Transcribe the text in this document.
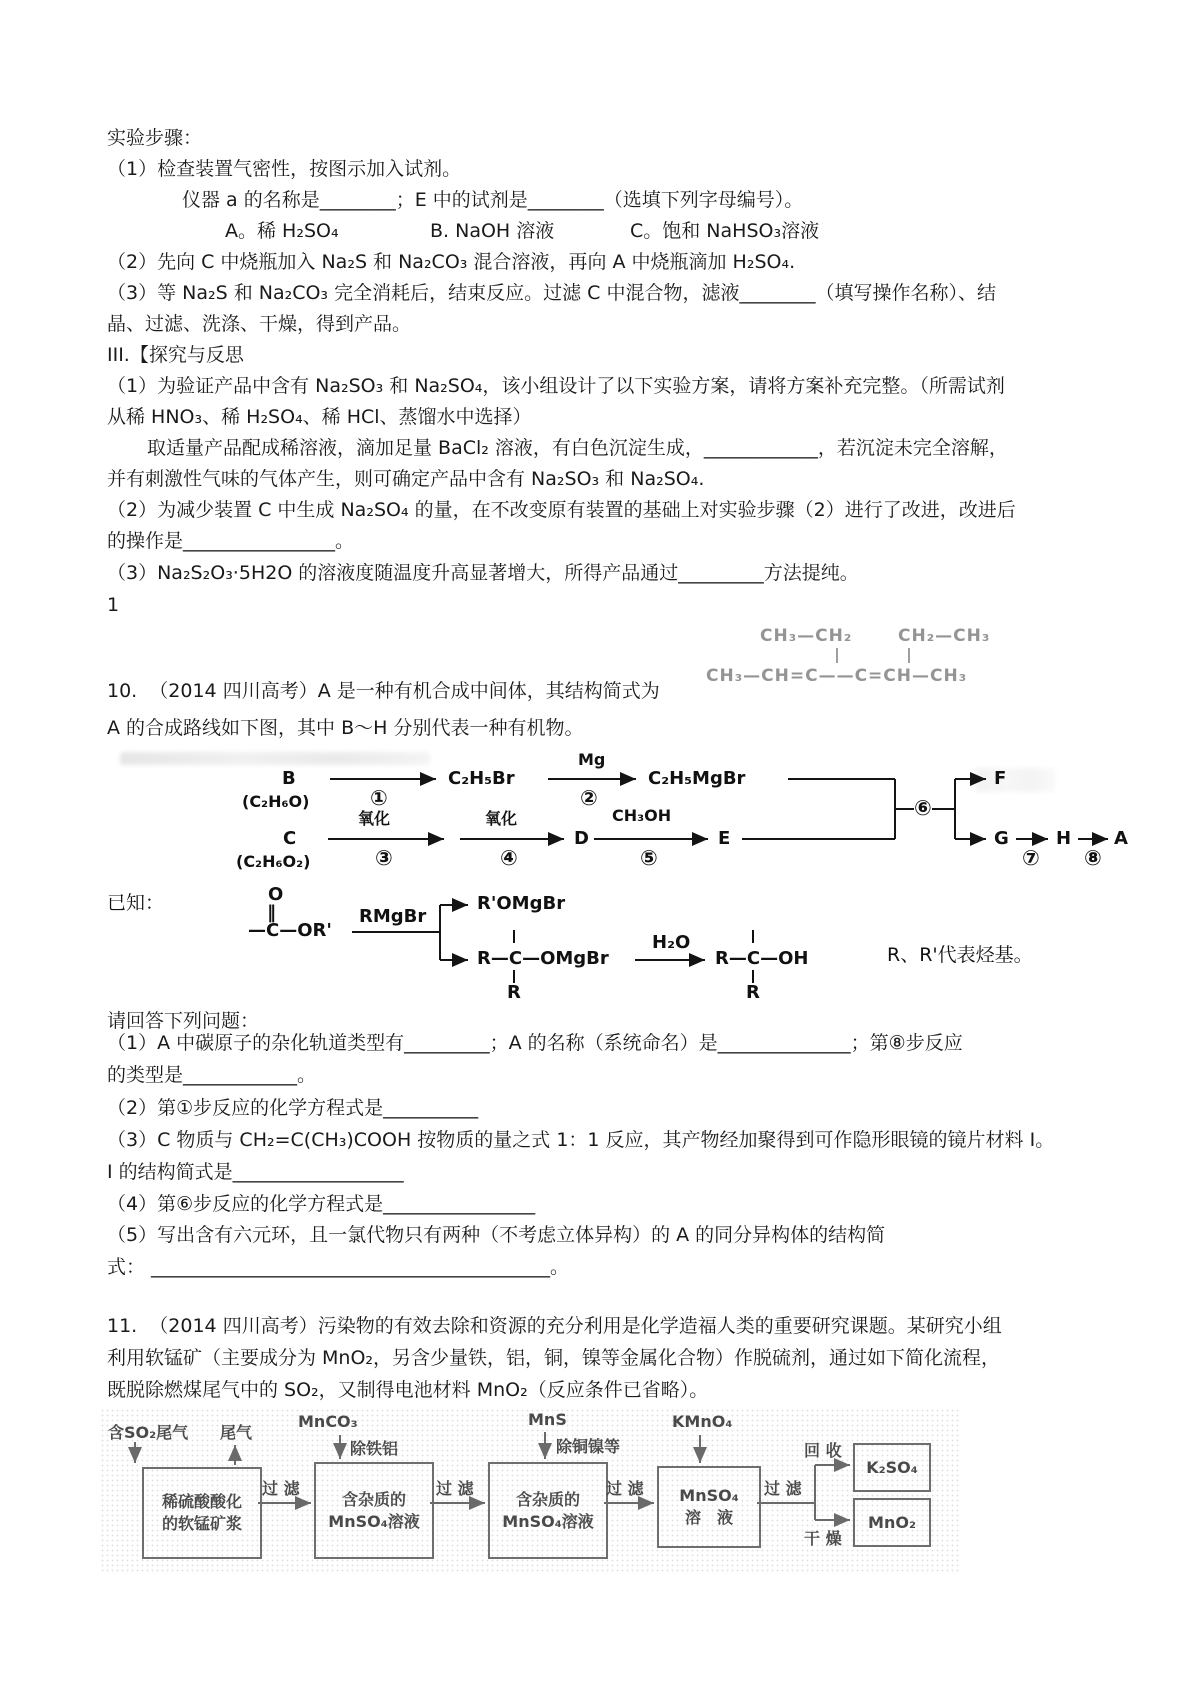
实验步骤：
（1）检查装置气密性，按图示加入试剂。
仪器 a 的名称是________；E 中的试剂是________（选填下列字母编号）。
A。稀 H₂SO₄	B. NaOH 溶液	C。饱和 NaHSO₃溶液
（2）先向 C 中烧瓶加入 Na₂S 和 Na₂CO₃ 混合溶液，再向 A 中烧瓶滴加 H₂SO₄.
（3）等 Na₂S 和 Na₂CO₃ 完全消耗后，结束反应。过滤 C 中混合物，滤液________（填写操作名称）、结
晶、过滤、洗涤、干燥，得到产品。
III.【探究与反思
（1）为验证产品中含有 Na₂SO₃ 和 Na₂SO₄，该小组设计了以下实验方案，请将方案补充完整。（所需试剂
从稀 HNO₃、稀 H₂SO₄、稀 HCl、蒸馏水中选择）
取适量产品配成稀溶液，滴加足量 BaCl₂ 溶液，有白色沉淀生成，____________，若沉淀未完全溶解，
并有刺激性气味的气体产生，则可确定产品中含有 Na₂SO₃ 和 Na₂SO₄.
（2）为减少装置 C 中生成 Na₂SO₄ 的量，在不改变原有装置的基础上对实验步骤（2）进行了改进，改进后
的操作是________________。
（3）Na₂S₂O₃·5H2O 的溶液度随温度升高显著增大，所得产品通过_________方法提纯。
1
10.  （2014 四川高考）A 是一种有机合成中间体，其结构简式为
CH₃—CH₂	CH₂—CH₃
CH₃—CH=C——C=CH—CH₃
A 的合成路线如下图，其中 B～H 分别代表一种有机物。
B
(C₂H₆O)	①
C₂H₅Br
Mg
②
C₂H₅MgBr	F
C
(C₂H₆O₂)
氧化
③
氧化
④
D
CH₃OH
⑤
E
⑥
G
⑦
H
⑧
A
已知：	O
‖
—C—OR'
RMgBr
R'OMgBr
R—C—OMgBr
R
H₂O
R—C—OH
R
R、R'代表烃基。
请回答下列问题：
（1）A 中碳原子的杂化轨道类型有_________；A 的名称（系统命名）是______________；第⑧步反应
的类型是____________。
（2）第①步反应的化学方程式是__________
（3）C 物质与 CH₂=C(CH₃)COOH 按物质的量之式 1：1 反应，其产物经加聚得到可作隐形眼镜的镜片材料 I。
I 的结构简式是__________________
（4）第⑥步反应的化学方程式是________________
（5）写出含有六元环，且一氯代物只有两种（不考虑立体异构）的 A 的同分异构体的结构简
式： __________________________________________。
11.  （2014 四川高考）污染物的有效去除和资源的充分利用是化学造福人类的重要研究课题。某研究小组
利用软锰矿（主要成分为 MnO₂，另含少量铁，铝，铜，镍等金属化合物）作脱硫剂，通过如下简化流程，
既脱除燃煤尾气中的 SO₂，又制得电池材料 MnO₂（反应条件已省略）。
含SO₂尾气 尾气
稀硫酸酸化
的软锰矿浆
过 滤
MnCO₃
除铁铝
含杂质的
MnSO₄溶液
过 滤
MnS
除铜镍等
含杂质的
MnSO₄溶液
过 滤
KMnO₄
MnSO₄
溶　液
过 滤
回 收
K₂SO₄
干 燥
MnO₂
